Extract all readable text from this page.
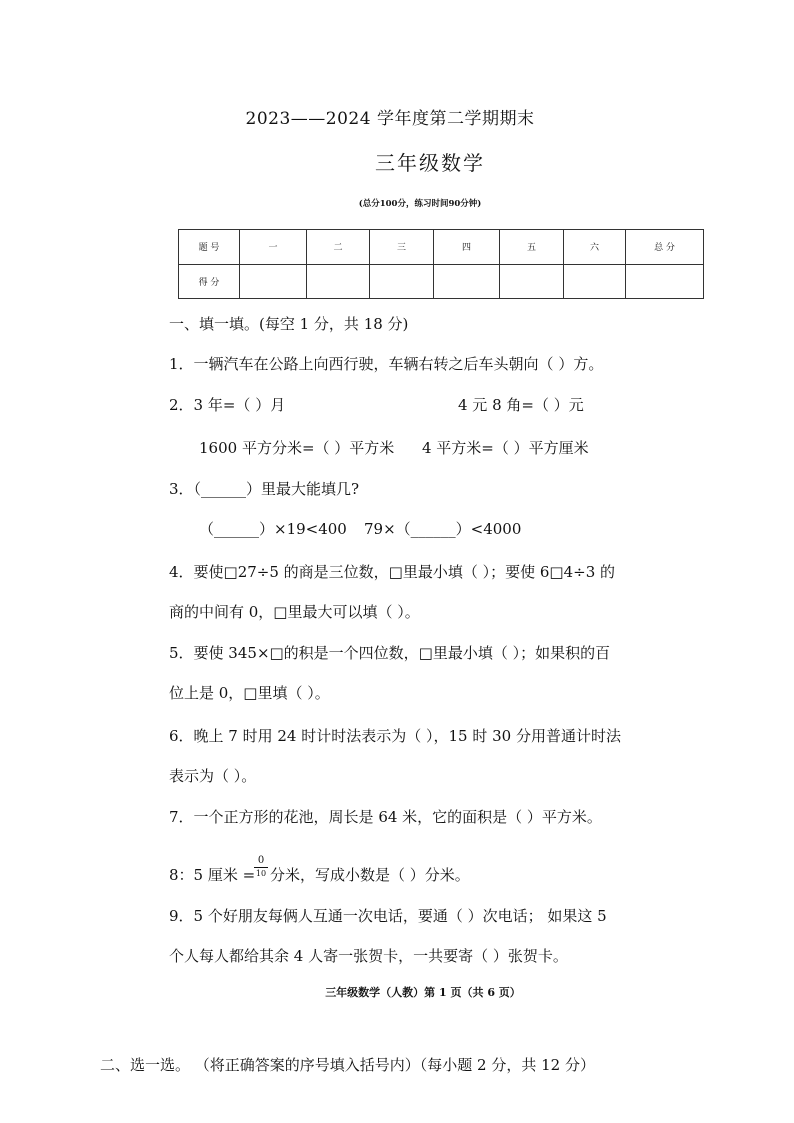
2023——2024 学年度第二学期期末
三年级数学
(总分100分，练习时间90分钟)
题 号	一	二	三	四	五	六	总 分
得 分							
一、填一填。(每空 1 分，共 18 分)
1．一辆汽车在公路上向西行驶，车辆右转之后车头朝向（ ）方。
2．3 年=（ ）月	4 元 8 角=（ ）元
1600 平方分米=（ ）平方米 4 平方米=（ ）平方厘米
3．（______）里最大能填几?
（______）×19<400 79×（______）<4000
4．要使□27÷5 的商是三位数，□里最小填（ ）；要使 6□4÷3 的
商的中间有 0，□里最大可以填（ ）。
5．要使 345×□的积是一个四位数，□里最小填（ ）；如果积的百
位上是 0，□里填（ ）。
6．晚上 7 时用 24 时计时法表示为（ ），15 时 30 分用普通计时法
表示为（ ）。
7．一个正方形的花池，周长是 64 米，它的面积是（ ）平方米。
8：5 厘米 =
0
10 分米，写成小数是（ ）分米。
9．5 个好朋友每俩人互通一次电话，要通（ ）次电话； 如果这 5
个人每人都给其余 4 人寄一张贺卡，一共要寄（ ）张贺卡。
三年级数学（人教）第 1 页（共 6 页）
二、选一选。 （将正确答案的序号填入括号内）（每小题 2 分，共 12 分）
